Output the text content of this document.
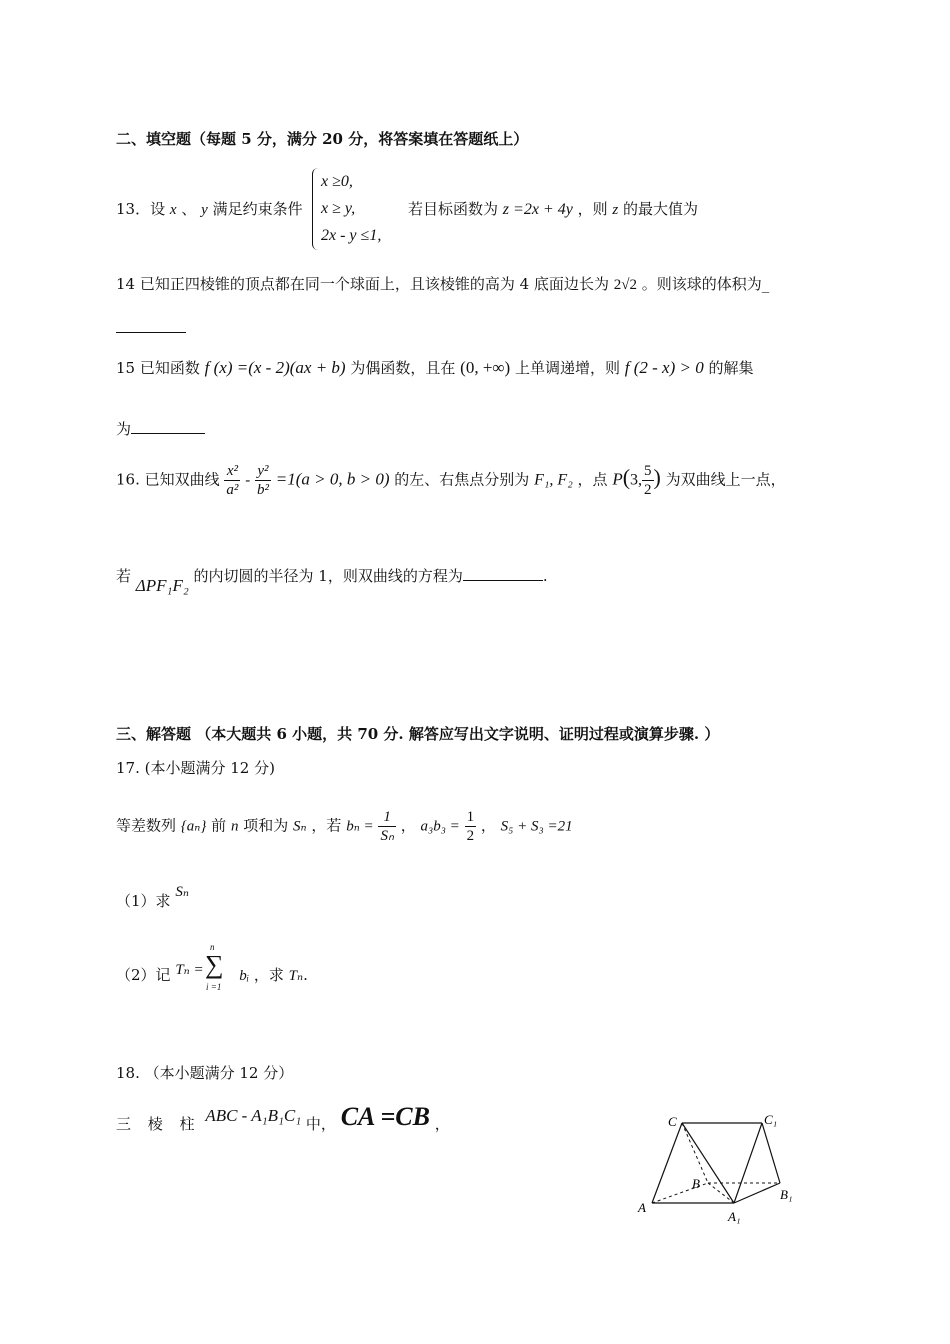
二、填空题（每题 5 分，满分 20 分，将答案填在答题纸上）
13．设 x 、 y 满足约束条件
x ≥0,
x ≥ y,
2x - y ≤1,
若目标函数为 z =2x + 4y ，则 z 的最大值为
14 已知正四棱锥的顶点都在同一个球面上，且该棱锥的高为 4 底面边长为 2√2 。则该球的体积为_
15 已知函数 f (x) =(x - 2)(ax + b) 为偶函数，且在 (0, +∞) 上单调递增，则 f (2 - x) > 0 的解集
为
16. 已知双曲线 $\frac{\text{x²}}{\text{a²}} - \frac{\text{y²}}{\text{b²}} =1(a > 0$, b > 0) 的左、右焦点分别为 F₁, F₂ ，点 P(3, $\frac{5}{2}$ ) 为双曲线上一点，
若 ΔPF₁F₂ 的内切圆的半径为 1，则双曲线的方程为	.
三、解答题 （本大题共 6 小题，共 70 分. 解答应写出文字说明、证明过程或演算步骤. ）
17. (本小题满分 12 分)
等差数列 {aₙ} 前 n 项和为 Sₙ ，若 $b_n = \frac{1}{\text{Sₙ}}$ ， $a_3b_3 = \frac{1}{2}$ ， S₅ + S₃ =21
（1）求 Sₙ
（2）记 Tₙ = bᵢ ，求 Tₙ.
n
∑
i =1
18. （本小题满分 12 分）
三 棱 柱 ABC - A₁B₁C₁ 中， CA =CB ，	C	C₁
B
A
A₁
B₁
